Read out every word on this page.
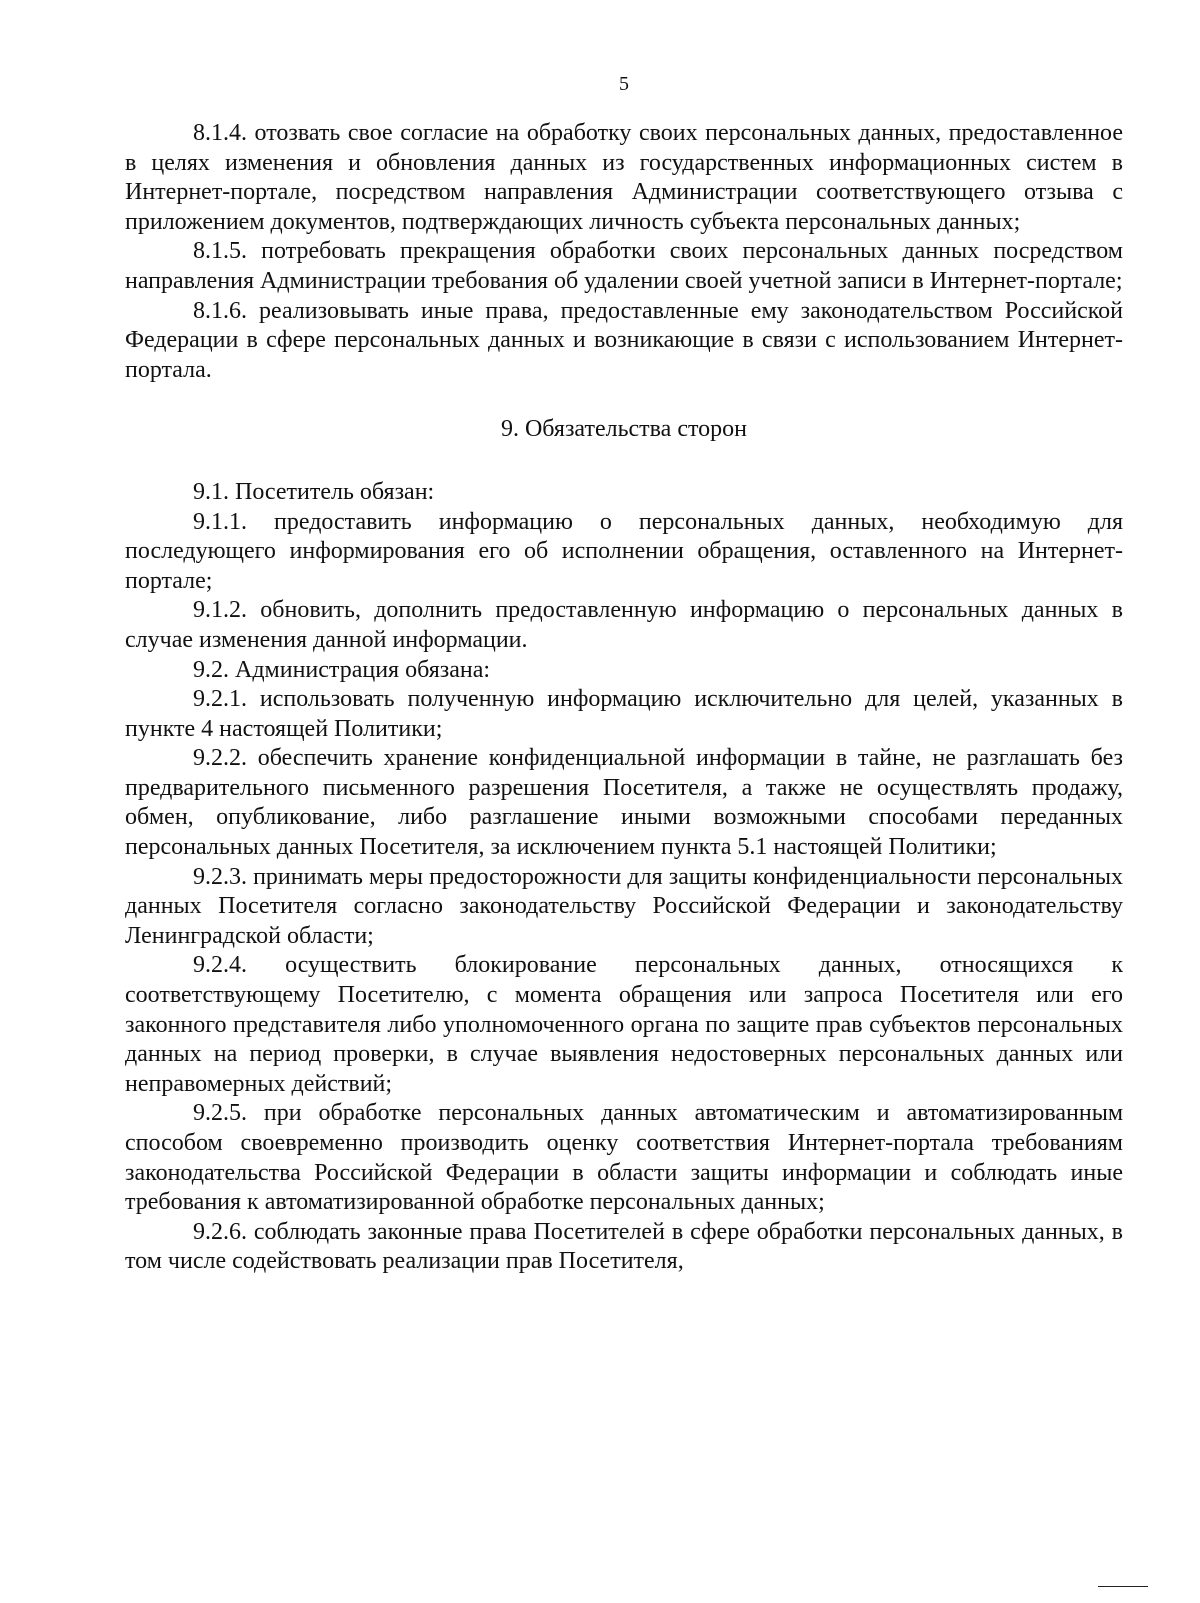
5

8.1.4. отозвать свое согласие на обработку своих персональных данных, предоставленное в целях изменения и обновления данных из государственных информационных систем в Интернет-портале, посредством направления Администрации соответствующего отзыва с приложением документов, подтверждающих личность субъекта персональных данных;

8.1.5. потребовать прекращения обработки своих персональных данных посредством направления Администрации требования об удалении своей учетной записи в Интернет-портале;

8.1.6. реализовывать иные права, предоставленные ему законодательством Российской Федерации в сфере персональных данных и возникающие в связи с использованием Интернет-портала.

9. Обязательства сторон

9.1. Посетитель обязан:

9.1.1. предоставить информацию о персональных данных, необходимую для последующего информирования его об исполнении обращения, оставленного на Интернет-портале;

9.1.2. обновить, дополнить предоставленную информацию о персональных данных в случае изменения данной информации.

9.2. Администрация обязана:

9.2.1. использовать полученную информацию исключительно для целей, указанных в пункте 4 настоящей Политики;

9.2.2. обеспечить хранение конфиденциальной информации в тайне, не разглашать без предварительного письменного разрешения Посетителя, а также не осуществлять продажу, обмен, опубликование, либо разглашение иными возможными способами переданных персональных данных Посетителя, за исключением пункта 5.1 настоящей Политики;

9.2.3. принимать меры предосторожности для защиты конфиденциальности персональных данных Посетителя согласно законодательству Российской Федерации и законодательству Ленинградской области;

9.2.4. осуществить блокирование персональных данных, относящихся к соответствующему Посетителю, с момента обращения или запроса Посетителя или его законного представителя либо уполномоченного органа по защите прав субъектов персональных данных на период проверки, в случае выявления недостоверных персональных данных или неправомерных действий;

9.2.5. при обработке персональных данных автоматическим и автоматизированным способом своевременно производить оценку соответствия Интернет-портала требованиям законодательства Российской Федерации в области защиты информации и соблюдать иные требования к автоматизированной обработке персональных данных;

9.2.6. соблюдать законные права Посетителей в сфере обработки персональных данных, в том числе содействовать реализации прав Посетителя,
